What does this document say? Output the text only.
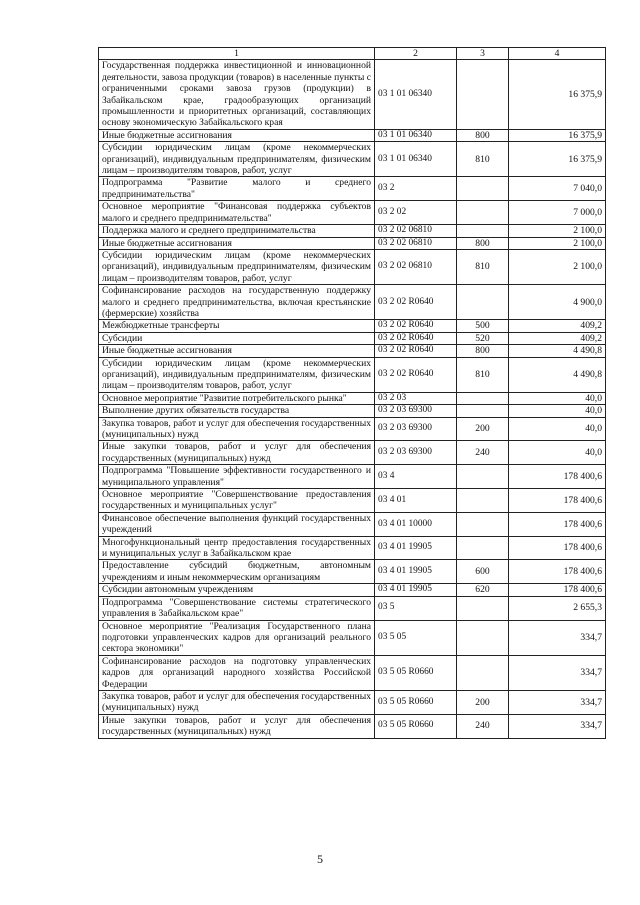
1	2	3	4
Государственная поддержка инвестиционной и инновационной деятельности, завоза продукции (товаров) в населенные пункты с ограниченными сроками завоза грузов (продукции) в Забайкальском крае, градообразующих организаций промышленности и приоритетных организаций, составляющих основу экономическую Забайкальского края	03 1 01 06340		16 375,9
Иные бюджетные ассигнования	03 1 01 06340	800	16 375,9
Субсидии юридическим лицам (кроме некоммерческих организаций), индивидуальным предпринимателям, физическим лицам – производителям товаров, работ, услуг	03 1 01 06340	810	16 375,9
Подпрограмма "Развитие малого и среднего предпринимательства"	03 2		7 040,0
Основное мероприятие "Финансовая поддержка субъектов малого и среднего предпринимательства"	03 2 02		7 000,0
Поддержка малого и среднего предпринимательства	03 2 02 06810		2 100,0
Иные бюджетные ассигнования	03 2 02 06810	800	2 100,0
Субсидии юридическим лицам (кроме некоммерческих организаций), индивидуальным предпринимателям, физическим лицам – производителям товаров, работ, услуг	03 2 02 06810	810	2 100,0
Софинансирование расходов на государственную поддержку малого и среднего предпринимательства, включая крестьянские (фермерские) хозяйства	03 2 02 R0640		4 900,0
Межбюджетные трансферты	03 2 02 R0640	500	409,2
Субсидии	03 2 02 R0640	520	409,2
Иные бюджетные ассигнования	03 2 02 R0640	800	4 490,8
Субсидии юридическим лицам (кроме некоммерческих организаций), индивидуальным предпринимателям, физическим лицам – производителям товаров, работ, услуг	03 2 02 R0640	810	4 490,8
Основное мероприятие "Развитие потребительского рынка"	03 2 03		40,0
Выполнение других обязательств государства	03 2 03 69300		40,0
Закупка товаров, работ и услуг для обеспечения государственных (муниципальных) нужд	03 2 03 69300	200	40,0
Иные закупки товаров, работ и услуг для обеспечения государственных (муниципальных) нужд	03 2 03 69300	240	40,0
Подпрограмма "Повышение эффективности государственного и муниципального управления"	03 4		178 400,6
Основное мероприятие "Совершенствование предоставления государственных и муниципальных услуг"	03 4 01		178 400,6
Финансовое обеспечение выполнения функций государственных учреждений	03 4 01 10000		178 400,6
Многофункциональный центр предоставления государственных и муниципальных услуг в Забайкальском крае	03 4 01 19905		178 400,6
Предоставление субсидий бюджетным, автономным учреждениям и иным некоммерческим организациям	03 4 01 19905	600	178 400,6
Субсидии автономным учреждениям	03 4 01 19905	620	178 400,6
Подпрограмма "Совершенствование системы стратегического управления в Забайкальском крае"	03 5		2 655,3
Основное мероприятие "Реализация Государственного плана подготовки управленческих кадров для организаций реального сектора экономики"	03 5 05		334,7
Софинансирование расходов на подготовку управленческих кадров для организаций народного хозяйства Российской Федерации	03 5 05 R0660		334,7
Закупка товаров, работ и услуг для обеспечения государственных (муниципальных) нужд	03 5 05 R0660	200	334,7
Иные закупки товаров, работ и услуг для обеспечения государственных (муниципальных) нужд	03 5 05 R0660	240	334,7
5
